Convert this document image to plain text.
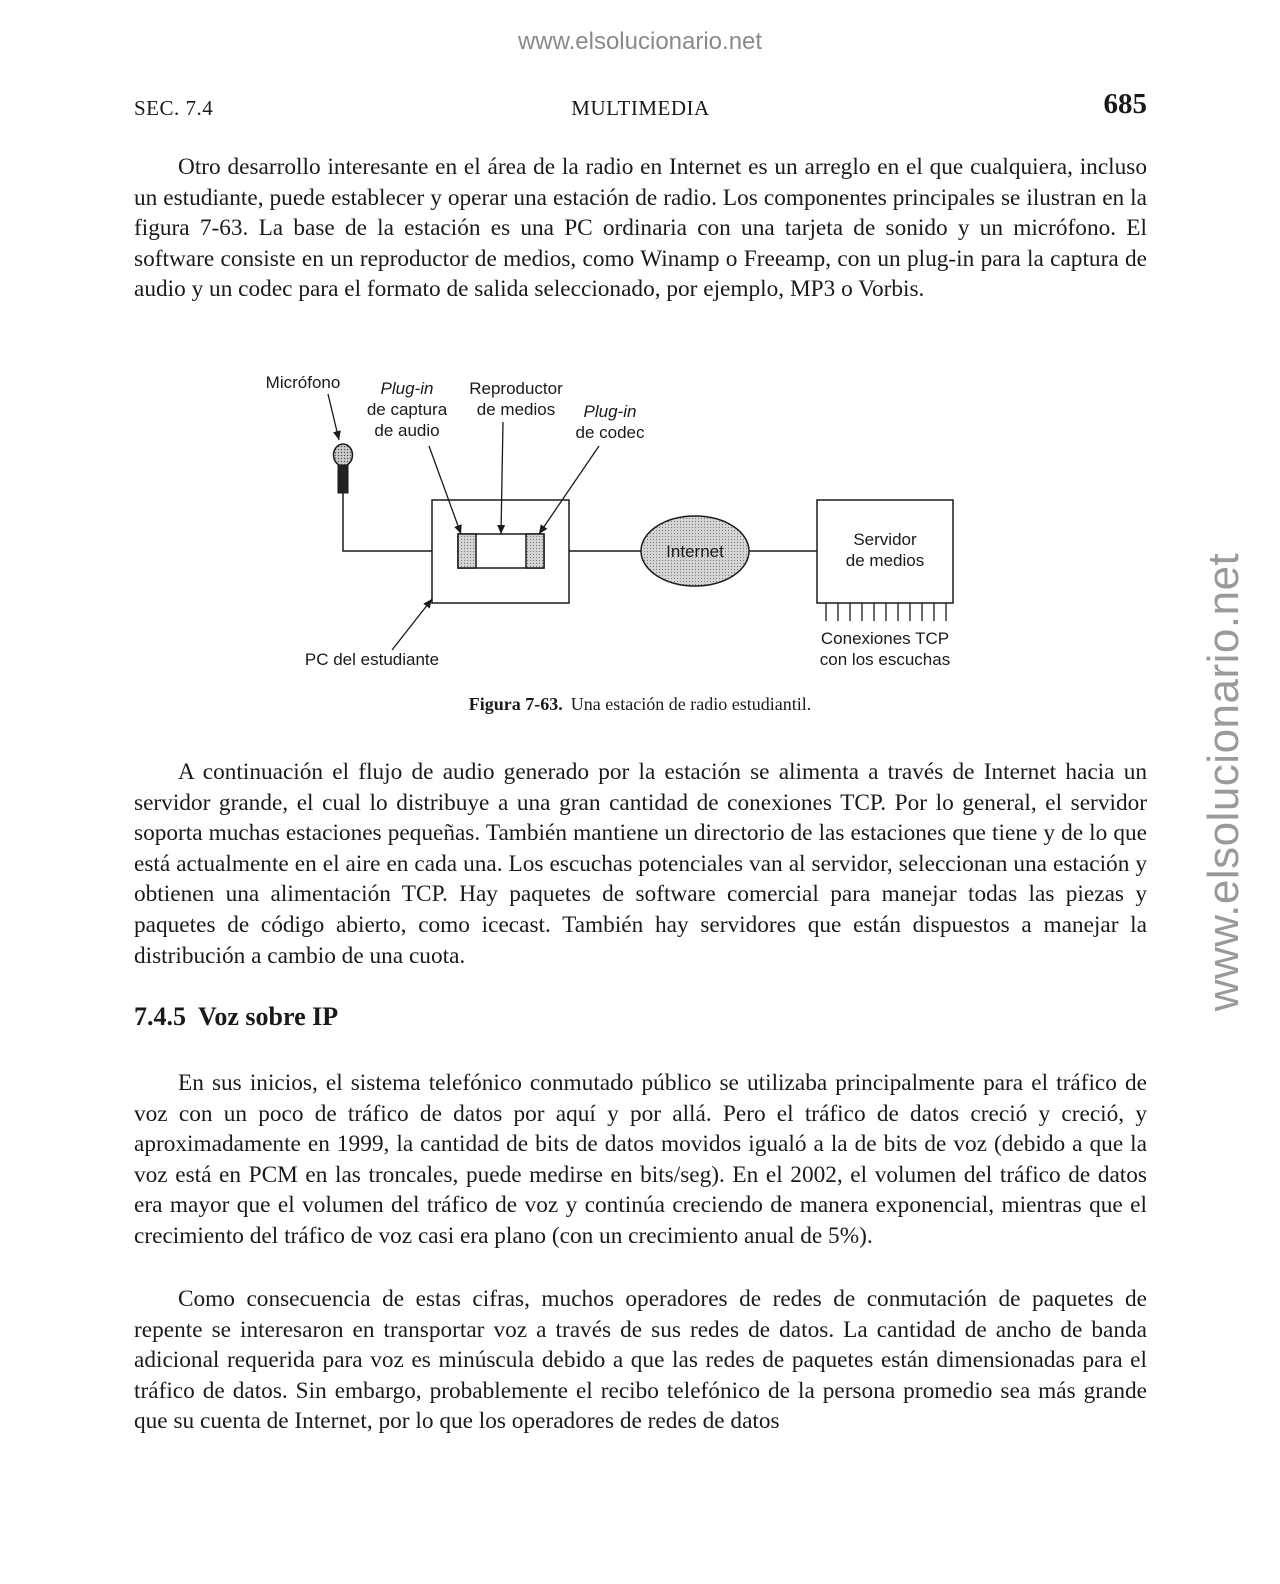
www.elsolucionario.net
www.elsolucionario.net
SEC. 7.4	MULTIMEDIA	685

Otro desarrollo interesante en el área de la radio en Internet es un arreglo en el que cualquiera, incluso un estudiante, puede establecer y operar una estación de radio. Los componentes principales se ilustran en la figura 7-63. La base de la estación es una PC ordinaria con una tarjeta de sonido y un micrófono. El software consiste en un reproductor de medios, como Winamp o Freeamp, con un plug-in para la captura de audio y un codec para el formato de salida seleccionado, por ejemplo, MP3 o Vorbis.

Micrófono Plug-in
de captura
de audio
Reproductor
de medios Plug-in
de codec
Internet
Servidor
de medios
Conexiones TCP
con los escuchas
PC del estudiante
Figura 7-63. Una estación de radio estudiantil.

A continuación el flujo de audio generado por la estación se alimenta a través de Internet hacia un servidor grande, el cual lo distribuye a una gran cantidad de conexiones TCP. Por lo general, el servidor soporta muchas estaciones pequeñas. También mantiene un directorio de las estaciones que tiene y de lo que está actualmente en el aire en cada una. Los escuchas potenciales van al servidor, seleccionan una estación y obtienen una alimentación TCP. Hay paquetes de software comercial para manejar todas las piezas y paquetes de código abierto, como icecast. También hay servidores que están dispuestos a manejar la distribución a cambio de una cuota.

7.4.5 Voz sobre IP

En sus inicios, el sistema telefónico conmutado público se utilizaba principalmente para el tráfico de voz con un poco de tráfico de datos por aquí y por allá. Pero el tráfico de datos creció y creció, y aproximadamente en 1999, la cantidad de bits de datos movidos igualó a la de bits de voz (debido a que la voz está en PCM en las troncales, puede medirse en bits/seg). En el 2002, el volumen del tráfico de datos era mayor que el volumen del tráfico de voz y continúa creciendo de manera exponencial, mientras que el crecimiento del tráfico de voz casi era plano (con un crecimiento anual de 5%).

Como consecuencia de estas cifras, muchos operadores de redes de conmutación de paquetes de repente se interesaron en transportar voz a través de sus redes de datos. La cantidad de ancho de banda adicional requerida para voz es minúscula debido a que las redes de paquetes están dimensionadas para el tráfico de datos. Sin embargo, probablemente el recibo telefónico de la persona promedio sea más grande que su cuenta de Internet, por lo que los operadores de redes de datos
